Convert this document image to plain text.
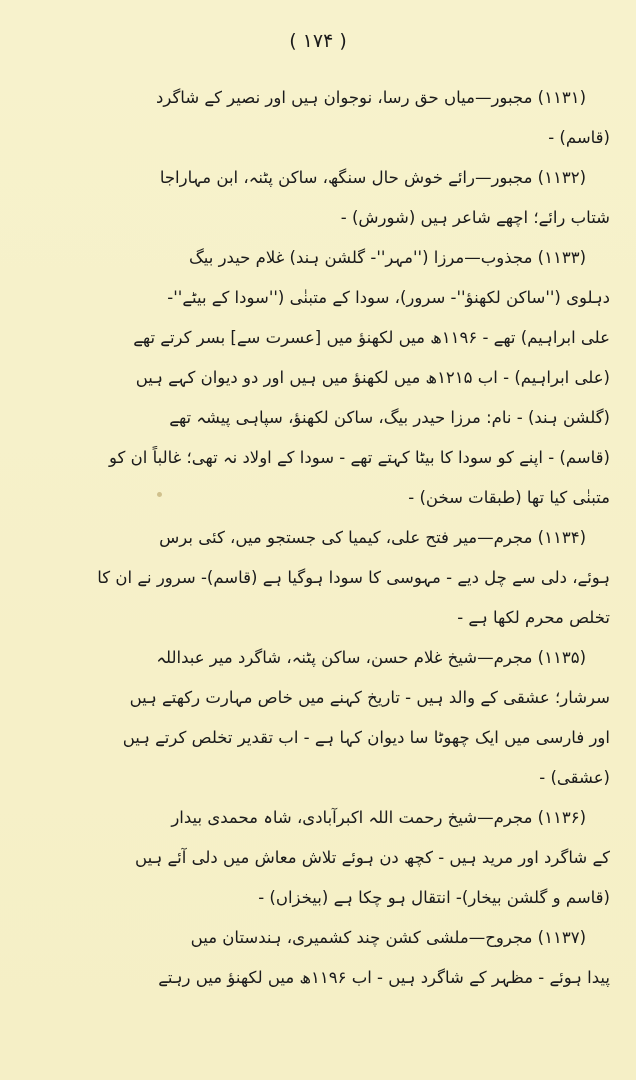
( ۱۷۴ )
(۱۱۳۱) مجبور—میاں حق رسا، نوجوان ہیں اور نصیر کے شاگرد
(قاسم) -
(۱۱۳۲) مجبور—رائے خوش حال سنگھ، ساکن پٹنہ، ابن مہاراجا
شتاب رائے؛ اچھے شاعر ہیں (شورش) -
(۱۱۳۳) مجذوب—مرزا (''مہر''- گلشن ہند) غلام حیدر بیگ
دہلوی (''ساکن لکھنؤ''- سرور)، سودا کے متبنٰی (''سودا کے بیٹے''-
علی ابراہیم) تھے - ۱۱۹۶ھ میں لکھنؤ میں [عسرت سے] بسر کرتے تھے
(علی ابراہیم) - اب ۱۲۱۵ھ میں لکھنؤ میں ہیں اور دو دیوان کہے ہیں
(گلشن ہند) - نام: مرزا حیدر بیگ، ساکن لکھنؤ، سپاہی پیشہ تھے
(قاسم) - اپنے کو سودا کا بیٹا کہتے تھے - سودا کے اولاد نہ تھی؛ غالباً ان کو
متبنٰی کیا تھا (طبقات سخن) -
(۱۱۳۴) مجرم—میر فتح علی، کیمیا کی جستجو میں، کئی برس
ہوئے، دلی سے چل دیے - مہوسی کا سودا ہوگیا ہے (قاسم)- سرور نے ان کا
تخلص محرم لکھا ہے -
(۱۱۳۵) مجرم—شیخ غلام حسن، ساکن پٹنہ، شاگرد میر عبداللہ
سرشار؛ عشقی کے والد ہیں - تاریخ کہنے میں خاص مہارت رکھتے ہیں
اور فارسی میں ایک چھوٹا سا دیوان کہا ہے - اب تقدیر تخلص کرتے ہیں
(عشقی) -
(۱۱۳۶) مجرم—شیخ رحمت اللہ اکبرآبادی، شاہ محمدی بیدار
کے شاگرد اور مرید ہیں - کچھ دن ہوئے تلاش معاش میں دلی آئے ہیں
(قاسم و گلشن بیخار)- انتقال ہو چکا ہے (بیخزاں) -
(۱۱۳۷) مجروح—ملشی کشن چند کشمیری، ہندستان میں
پیدا ہوئے - مظہر کے شاگرد ہیں - اب ۱۱۹۶ھ میں لکھنؤ میں رہتے
